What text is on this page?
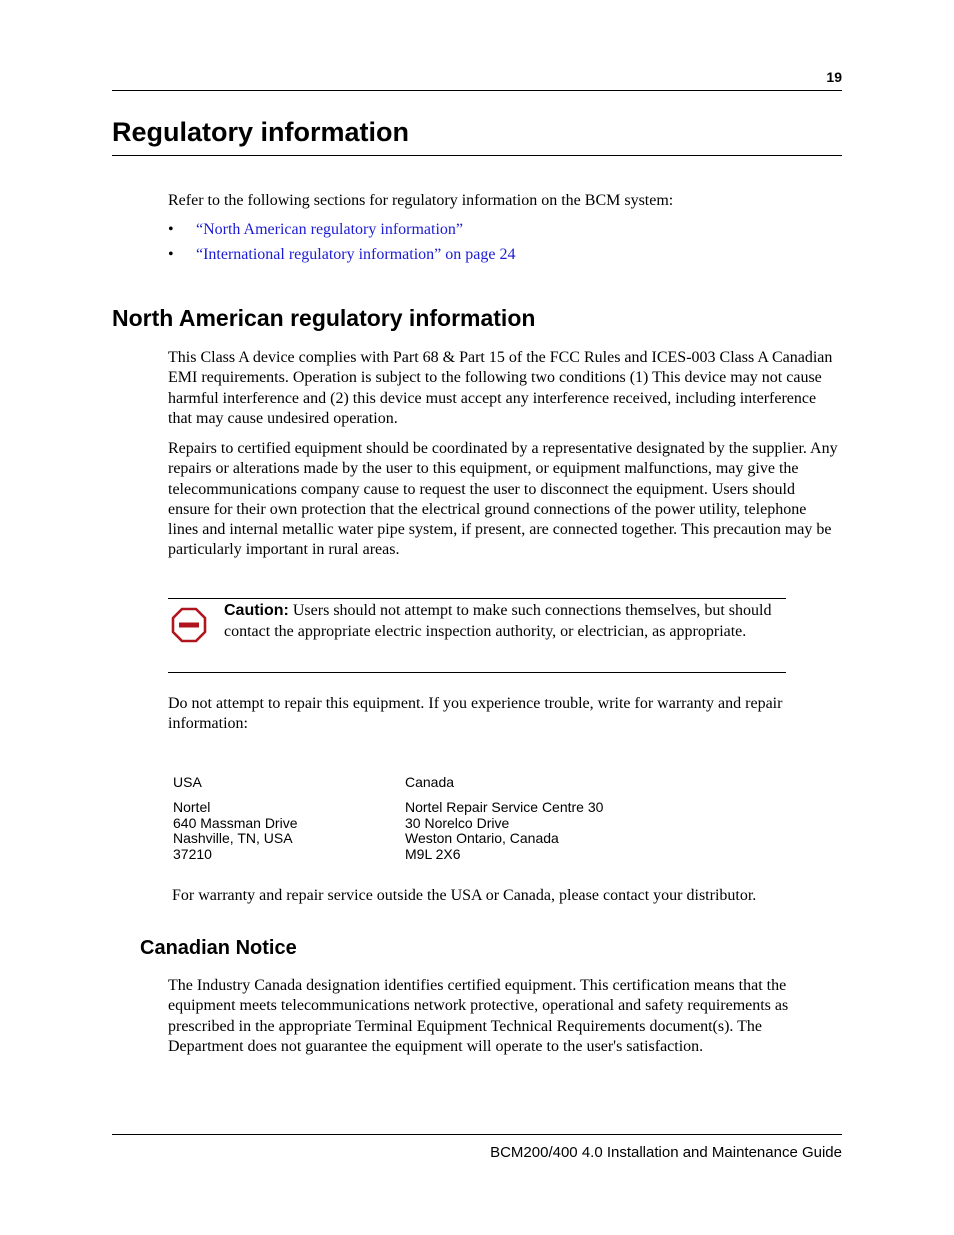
19
Regulatory information

Refer to the following sections for regulatory information on the BCM system:

• “North American regulatory information”
• “International regulatory information” on page 24
North American regulatory information

This Class A device complies with Part 68 & Part 15 of the FCC Rules and ICES-003 Class A Canadian EMI requirements. Operation is subject to the following two conditions (1) This device may not cause harmful interference and (2) this device must accept any interference received, including interference that may cause undesired operation.

Repairs to certified equipment should be coordinated by a representative designated by the supplier. Any repairs or alterations made by the user to this equipment, or equipment malfunctions, may give the telecommunications company cause to request the user to disconnect the equipment. Users should ensure for their own protection that the electrical ground connections of the power utility, telephone lines and internal metallic water pipe system, if present, are connected together. This precaution may be particularly important in rural areas.

Caution: Users should not attempt to make such connections themselves, but should contact the appropriate electric inspection authority, or electrician, as appropriate.

Do not attempt to repair this equipment. If you experience trouble, write for warranty and repair information:

USA
Nortel
640 Massman Drive
Nashville, TN, USA
37210
Canada
Nortel Repair Service Centre 30
30 Norelco Drive
Weston Ontario, Canada
M9L 2X6

For warranty and repair service outside the USA or Canada, please contact your distributor.

Canadian Notice

The Industry Canada designation identifies certified equipment. This certification means that the equipment meets telecommunications network protective, operational and safety requirements as prescribed in the appropriate Terminal Equipment Technical Requirements document(s). The Department does not guarantee the equipment will operate to the user's satisfaction.

BCM200/400 4.0 Installation and Maintenance Guide
